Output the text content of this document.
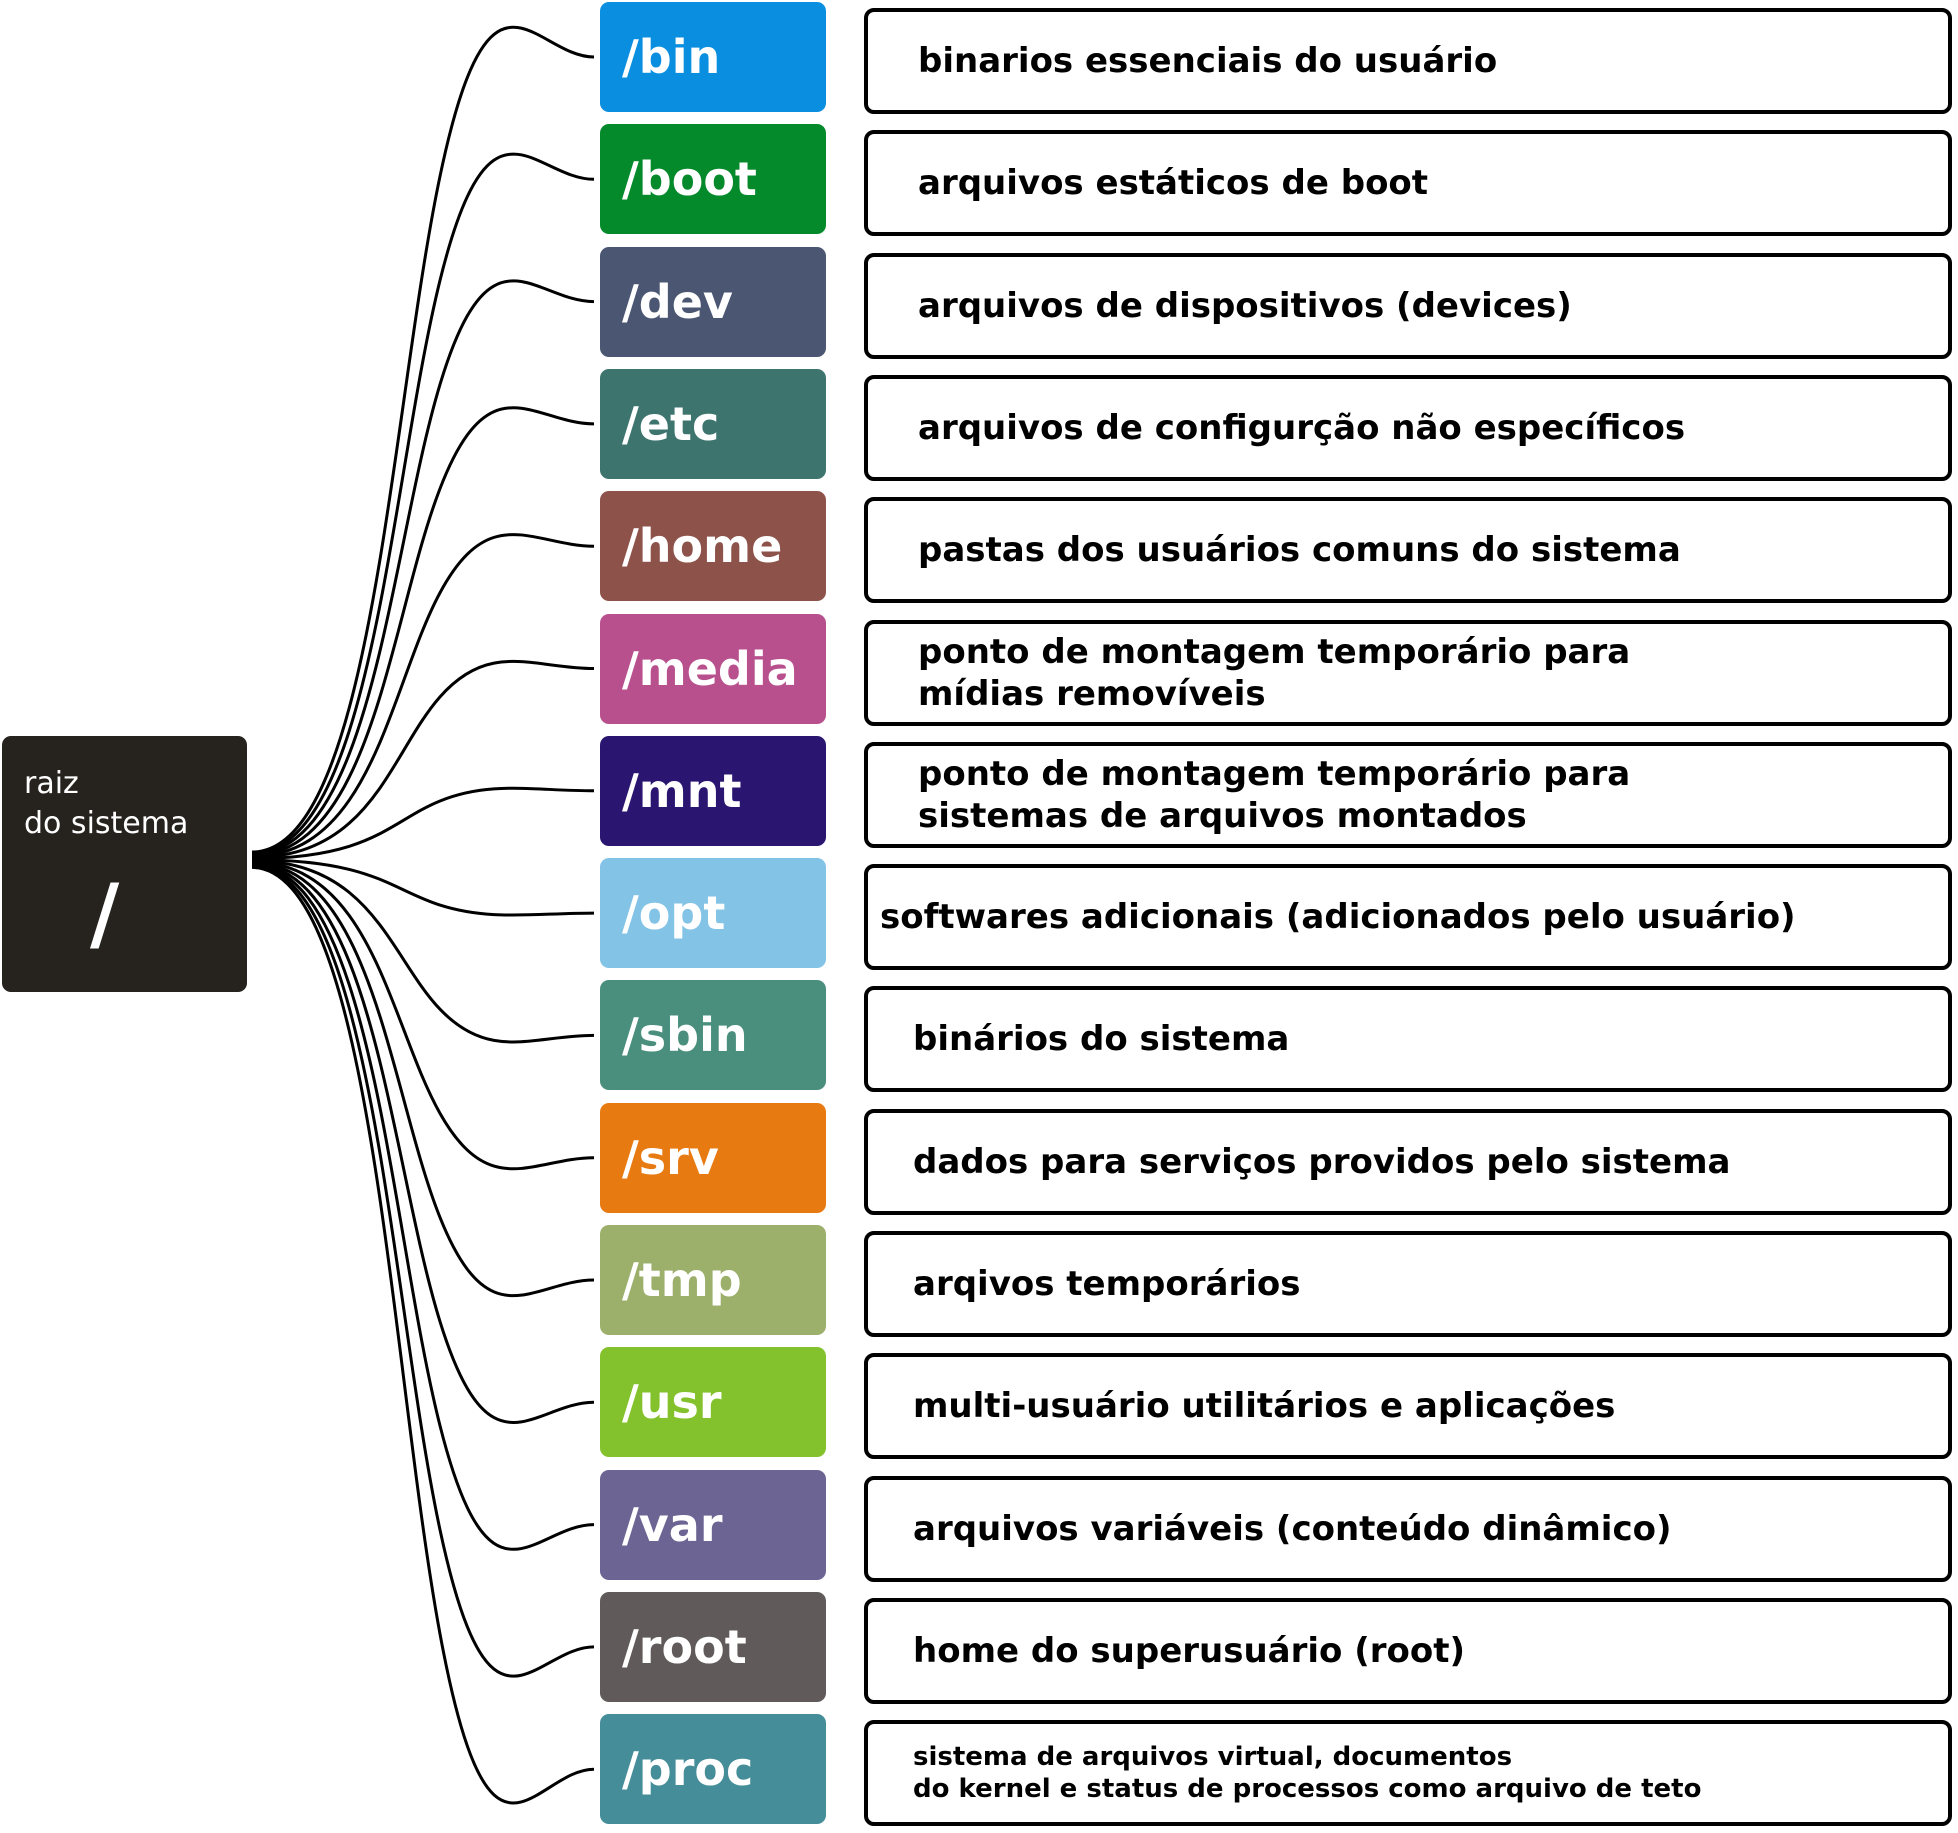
raiz
do sistema
/
/bin	binarios essenciais do usuário
/boot	arquivos estáticos de boot
/dev	arquivos de dispositivos (devices)
/etc	arquivos de configurção não específicos
/home	pastas dos usuários comuns do sistema
/media	ponto de montagem temporário para
mídias removíveis
/mnt	ponto de montagem temporário para
sistemas de arquivos montados
/opt	softwares adicionais (adicionados pelo usuário)
/sbin	binários do sistema
/srv	dados para serviços providos pelo sistema
/tmp	arqivos temporários
/usr	multi-usuário utilitários e aplicações
/var	arquivos variáveis (conteúdo dinâmico)
/root	home do superusuário (root)
/proc	sistema de arquivos virtual, documentos
do kernel e status de processos como arquivo de teto
